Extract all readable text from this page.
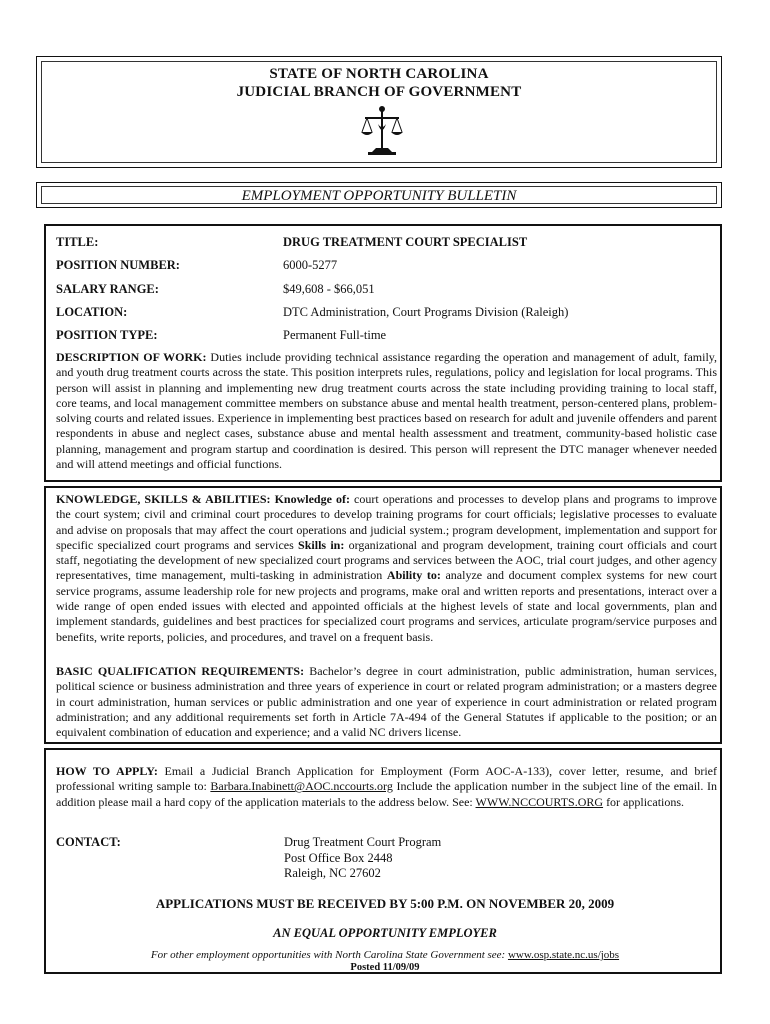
STATE OF NORTH CAROLINA
JUDICIAL BRANCH OF GOVERNMENT
EMPLOYMENT OPPORTUNITY BULLETIN
TITLE:	DRUG TREATMENT COURT SPECIALIST
POSITION NUMBER:	6000-5277
SALARY RANGE:	$49,608 - $66,051
LOCATION:	DTC Administration, Court Programs Division (Raleigh)
POSITION TYPE:	Permanent Full-time
DESCRIPTION OF WORK: Duties include providing technical assistance regarding the operation and management of adult, family, and youth drug treatment courts across the state. This position interprets rules, regulations, policy and legislation for local programs. This person will assist in planning and implementing new drug treatment courts across the state including providing training to local staff, core teams, and local management committee members on substance abuse and mental health treatment, person-centered plans, problem-solving courts and related issues. Experience in implementing best practices based on research for adult and juvenile offenders and parent respondents in abuse and neglect cases, substance abuse and mental health assessment and treatment, community-based holistic case planning, management and program startup and coordination is desired. This person will represent the DTC manager whenever needed and will attend meetings and official functions.
KNOWLEDGE, SKILLS & ABILITIES: Knowledge of: court operations and processes to develop plans and programs to improve the court system; civil and criminal court procedures to develop training programs for court officials; legislative processes to evaluate and advise on proposals that may affect the court operations and judicial system.; program development, implementation and support for specific specialized court programs and services Skills in: organizational and program development, training court officials and court staff, negotiating the development of new specialized court programs and services between the AOC, trial court judges, and other agency representatives, time management, multi-tasking in administration Ability to: analyze and document complex systems for new court service programs, assume leadership role for new projects and programs, make oral and written reports and presentations, interact over a wide range of open ended issues with elected and appointed officials at the highest levels of state and local governments, plan and implement standards, guidelines and best practices for specialized court programs and services, articulate program/service purposes and benefits, write reports, policies, and procedures, and travel on a frequent basis.
BASIC QUALIFICATION REQUIREMENTS: Bachelor’s degree in court administration, public administration, human services, political science or business administration and three years of experience in court or related program administration; or a masters degree in court administration, human services or public administration and one year of experience in court administration or related program administration; and any additional requirements set forth in Article 7A-494 of the General Statutes if applicable to the position; or an equivalent combination of education and experience; and a valid NC drivers license.
HOW TO APPLY: Email a Judicial Branch Application for Employment (Form AOC-A-133), cover letter, resume, and brief professional writing sample to: Barbara.Inabinett@AOC.nccourts.org Include the application number in the subject line of the email. In addition please mail a hard copy of the application materials to the address below. See: WWW.NCCOURTS.ORG for applications.
CONTACT:	Drug Treatment Court Program
Post Office Box 2448
Raleigh, NC 27602
APPLICATIONS MUST BE RECEIVED BY 5:00 P.M. ON NOVEMBER 20, 2009
AN EQUAL OPPORTUNITY EMPLOYER
For other employment opportunities with North Carolina State Government see: www.osp.state.nc.us/jobs
Posted 11/09/09
